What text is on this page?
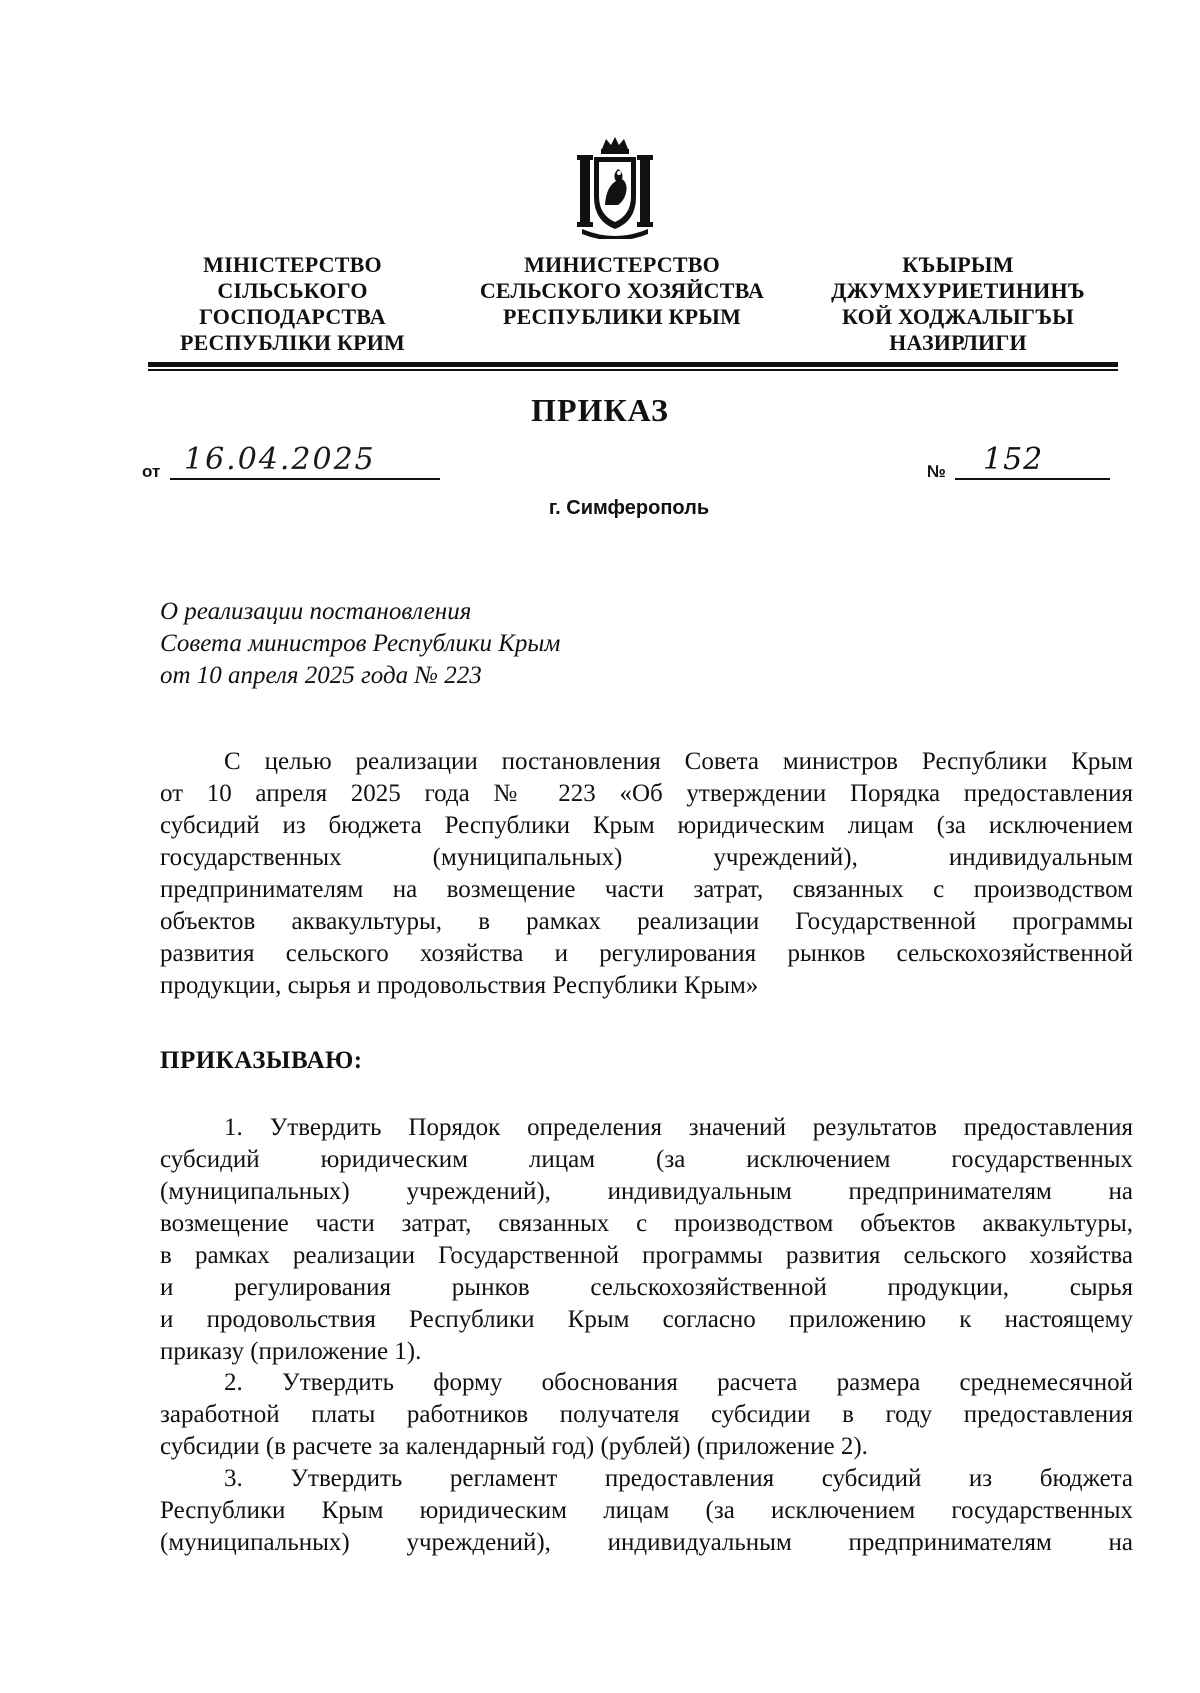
МІНІСТЕРСТВО
СІЛЬСЬКОГО
ГОСПОДАРСТВА
РЕСПУБЛІКИ КРИМ
МИНИСТЕРСТВО
СЕЛЬСКОГО ХОЗЯЙСТВА
РЕСПУБЛИКИ КРЫМ
КЪЫРЫМ
ДЖУМХУРИЕТИНИНЪ
КОЙ ХОДЖАЛЫГЪЫ
НАЗИРЛИГИ
ПРИКАЗ
от 16.04.2025	№	152
г. Симферополь
О реализации постановления
Совета министров Республики Крым
от 10 апреля 2025 года № 223
С целью реализации постановления Совета министров Республики Крым
от 10 апреля 2025 года № 223 «Об утверждении Порядка предоставления
субсидий из бюджета Республики Крым юридическим лицам (за исключением
государственных (муниципальных) учреждений), индивидуальным
предпринимателям на возмещение части затрат, связанных с производством
объектов аквакультуры, в рамках реализации Государственной программы
развития сельского хозяйства и регулирования рынков сельскохозяйственной
продукции, сырья и продовольствия Республики Крым»
ПРИКАЗЫВАЮ:
1. Утвердить Порядок определения значений результатов предоставления
субсидий юридическим лицам (за исключением государственных
(муниципальных) учреждений), индивидуальным предпринимателям на
возмещение части затрат, связанных с производством объектов аквакультуры,
в рамках реализации Государственной программы развития сельского хозяйства
и регулирования рынков сельскохозяйственной продукции, сырья
и продовольствия Республики Крым согласно приложению к настоящему
приказу (приложение 1).
2. Утвердить форму обоснования расчета размера среднемесячной
заработной платы работников получателя субсидии в году предоставления
субсидии (в расчете за календарный год) (рублей) (приложение 2).
3. Утвердить регламент предоставления субсидий из бюджета
Республики Крым юридическим лицам (за исключением государственных
(муниципальных) учреждений), индивидуальным предпринимателям на
